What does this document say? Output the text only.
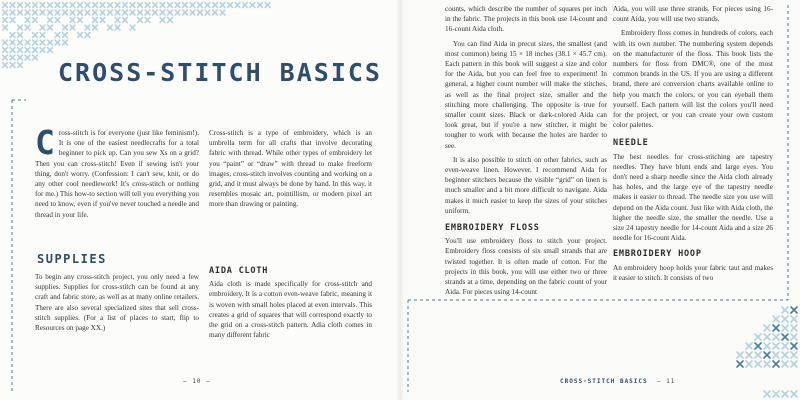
CROSS-STITCH BASICS
Cross-stitch is for everyone (just like feminism!). It is one of the easiest needlecrafts for a total beginner to pick up. Can you sew Xs on a grid? Then you can cross-stitch! Even if sewing isn't your thing, don't worry. (Confession: I can't sew, knit, or do any other cool needlework! It's cross-stitch or nothing for me.) This how-to section will tell you everything you need to know, even if you've never touched a needle and thread in your life.
Cross-stitch is a type of embroidery, which is an umbrella term for all crafts that involve decorating fabric with thread. While other types of embroidery let you “paint” or “draw” with thread to make freeform images, cross-stitch involves counting and working on a grid, and it must always be done by hand. In this way, it resembles mosaic art, pointillism, or modern pixel art more than drawing or painting.
SUPPLIES

To begin any cross-stitch project, you only need a few supplies. Supplies for cross-stitch can be found at any craft and fabric store, as well as at many online retailers. There are also several specialized sites that sell cross-stitch supplies. (For a list of places to start, flip to Resources on page XX.)

AIDA CLOTH

Aida cloth is made specifically for cross-stitch and embroidery. It is a cotton even-weave fabric, meaning it is woven with small holes placed at even intervals. This creates a grid of squares that will correspond exactly to the grid on a cross-stitch pattern. Adia cloth comes in many different fabric

— 10 —

counts, which describe the number of squares per inch in the fabric. The projects in this book use 14-count and 16-count Aida cloth.

You can find Aida in precut sizes, the smallest (and most common) being 15 × 18 inches (38.1 × 45.7 cm). Each pattern in this book will suggest a size and color for the Aida, but you can feel free to experiment! In general, a higher count number will make the stitches, as well as the final project size, smaller and the stitching more challenging. The opposite is true for smaller count sizes. Black or dark-colored Aida can look great, but if you're a new stitcher, it might be tougher to work with because the holes are harder to see.

It is also possible to stitch on other fabrics, such as even-weave linen. However, I recommend Aida for beginner stitchers because the visible “grid” on linen is much smaller and a bit more difficult to navigate. Aida makes it much easier to keep the sizes of your stitches uniform.

EMBROIDERY FLOSS

You'll use embroidery floss to stitch your project. Embroidery floss consists of six small strands that are twisted together. It is often made of cotton. For the projects in this book, you will use either two or three strands at a time, depending on the fabric count of your Aida. For pieces using 14-count

Aida, you will use three strands. For pieces using 16-count Aida, you will use two strands.

Embroidery floss comes in hundreds of colors, each with its own number. The numbering system depends on the manufacturer of the floss. This book lists the numbers for floss from DMC®, one of the most common brands in the US. If you are using a different brand, there are conversion charts available online to help you match the colors, or you can eyeball them yourself. Each pattern will list the colors you'll need for the project, or you can create your own custom color palettes.

NEEDLE

The best needles for cross-stitching are tapestry needles. They have blunt ends and large eyes. You don't need a sharp needle since the Aida cloth already has holes, and the large eye of the tapestry needle makes it easier to thread. The needle size you use will depend on the Aida count. Just like with Aida cloth, the higher the needle size, the smaller the needle. Use a size 24 tapestry needle for 14-count Aida and a size 26 needle for 16-count Aida.

EMBROIDERY HOOP

An embroidery hoop holds your fabric taut and makes it easier to stitch. It consists of two

CROSS-STITCH BASICS — 11
